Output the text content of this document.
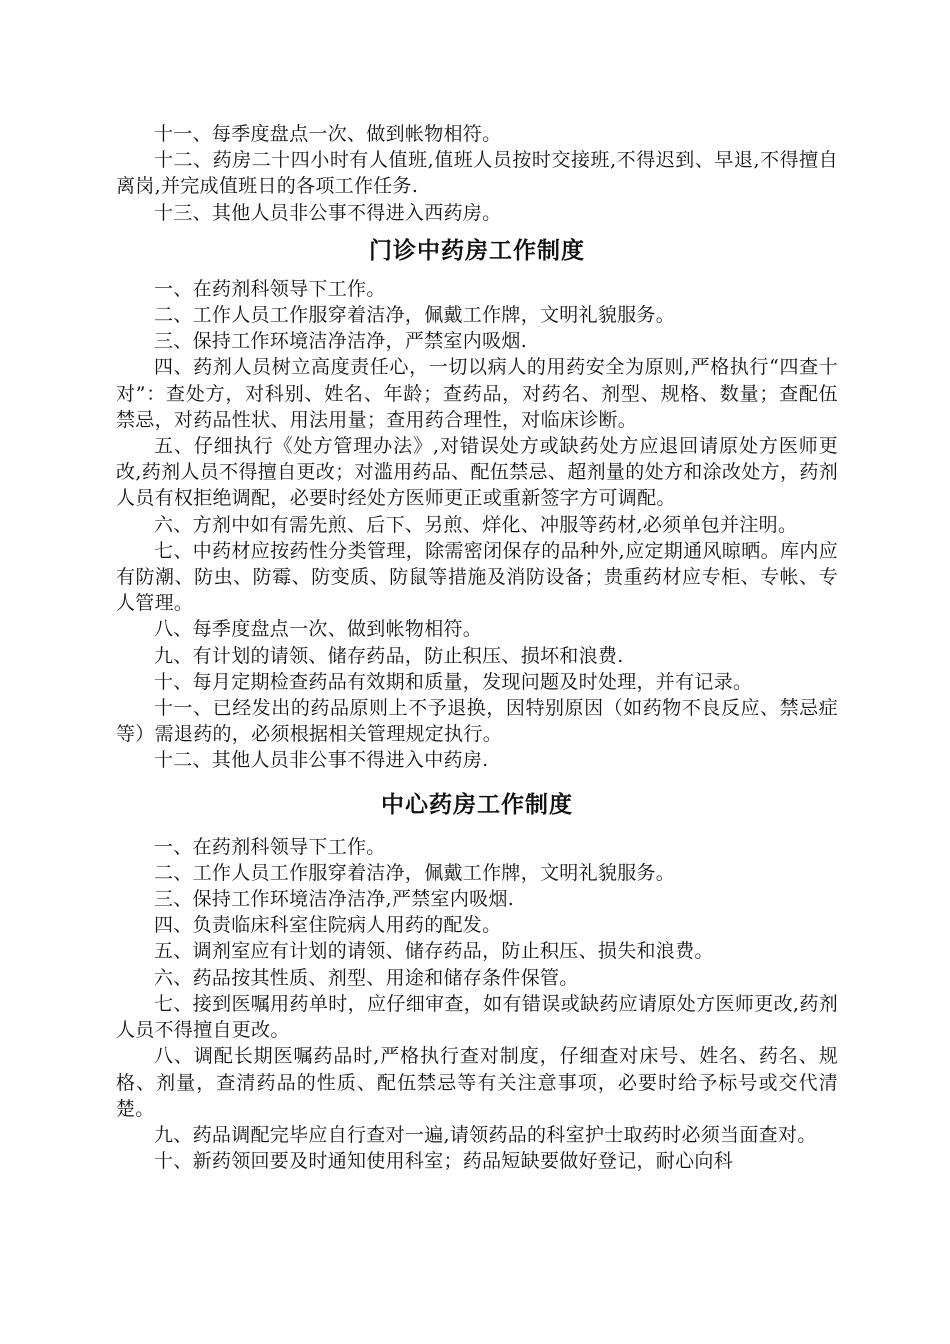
十一、每季度盘点一次、做到帐物相符。

十二、药房二十四小时有人值班,值班人员按时交接班,不得迟到、早退,不得擅自离岗,并完成值班日的各项工作任务.

十三、其他人员非公事不得进入西药房。

门诊中药房工作制度

一、在药剂科领导下工作。

二、工作人员工作服穿着洁净，佩戴工作牌，文明礼貌服务。

三、保持工作环境洁净洁净，严禁室内吸烟.

四、药剂人员树立高度责任心，一切以病人的用药安全为原则,严格执行“四查十对”：查处方，对科别、姓名、年龄；查药品，对药名、剂型、规格、数量；查配伍禁忌，对药品性状、用法用量；查用药合理性，对临床诊断。

五、仔细执行《处方管理办法》,对错误处方或缺药处方应退回请原处方医师更改,药剂人员不得擅自更改；对滥用药品、配伍禁忌、超剂量的处方和涂改处方，药剂人员有权拒绝调配，必要时经处方医师更正或重新签字方可调配。

六、方剂中如有需先煎、后下、另煎、烊化、冲服等药材,必须单包并注明。

七、中药材应按药性分类管理，除需密闭保存的品种外,应定期通风晾晒。库内应有防潮、防虫、防霉、防变质、防鼠等措施及消防设备；贵重药材应专柜、专帐、专人管理。

八、每季度盘点一次、做到帐物相符。

九、有计划的请领、储存药品，防止积压、损坏和浪费.

十、每月定期检查药品有效期和质量，发现问题及时处理，并有记录。

十一、已经发出的药品原则上不予退换，因特别原因（如药物不良反应、禁忌症等）需退药的，必须根据相关管理规定执行。

十二、其他人员非公事不得进入中药房.

中心药房工作制度

一、在药剂科领导下工作。

二、工作人员工作服穿着洁净，佩戴工作牌，文明礼貌服务。

三、保持工作环境洁净洁净,严禁室内吸烟.

四、负责临床科室住院病人用药的配发。

五、调剂室应有计划的请领、储存药品，防止积压、损失和浪费。

六、药品按其性质、剂型、用途和储存条件保管。

七、接到医嘱用药单时，应仔细审查，如有错误或缺药应请原处方医师更改,药剂人员不得擅自更改。

八、调配长期医嘱药品时,严格执行查对制度，仔细查对床号、姓名、药名、规格、剂量，查清药品的性质、配伍禁忌等有关注意事项，必要时给予标号或交代清楚。

九、药品调配完毕应自行查对一遍,请领药品的科室护士取药时必须当面查对。

十、新药领回要及时通知使用科室；药品短缺要做好登记，耐心向科
